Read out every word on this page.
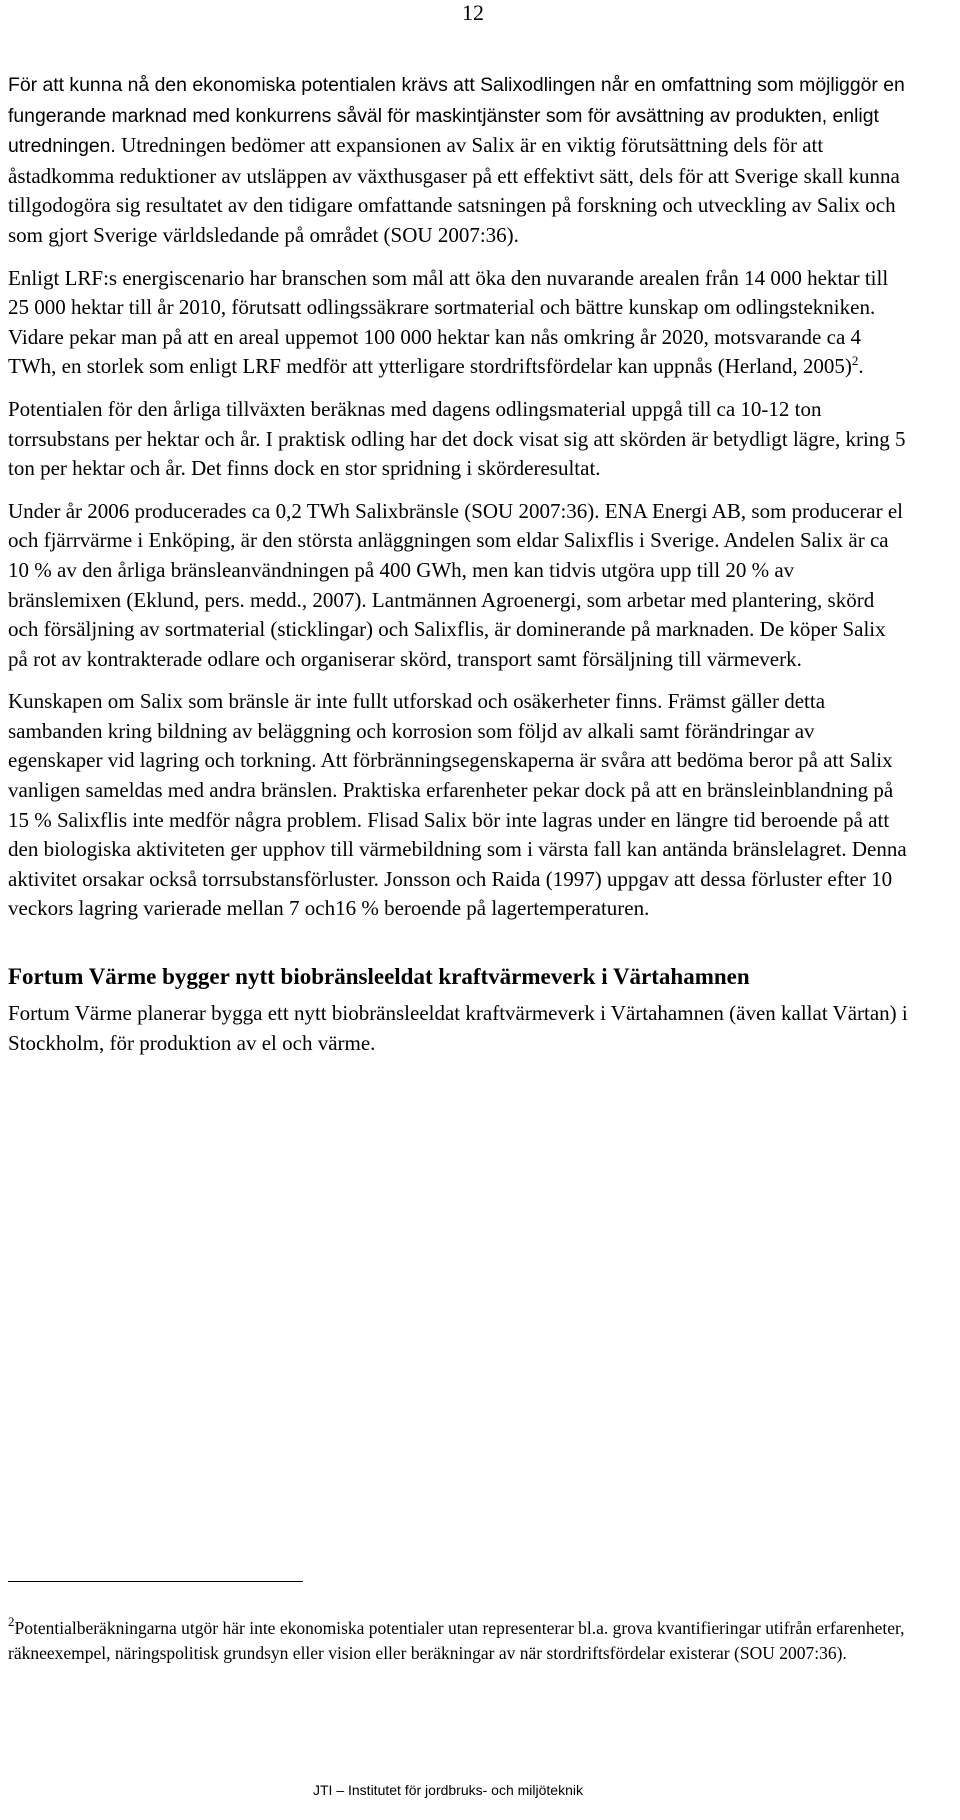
12

För att kunna nå den ekonomiska potentialen krävs att Salixodlingen når en omfattning som möjliggör en fungerande marknad med konkurrens såväl för maskintjänster som för avsättning av produkten, enligt utredningen. Utredningen bedömer att expansionen av Salix är en viktig förutsättning dels för att åstadkomma reduktioner av utsläppen av växthusgaser på ett effektivt sätt, dels för att Sverige skall kunna tillgodogöra sig resultatet av den tidigare omfattande satsningen på forskning och utveckling av Salix och som gjort Sverige världsledande på området (SOU 2007:36).

Enligt LRF:s energiscenario har branschen som mål att öka den nuvarande arealen från 14 000 hektar till 25 000 hektar till år 2010, förutsatt odlingssäkrare sortmaterial och bättre kunskap om odlingstekniken. Vidare pekar man på att en areal uppemot 100 000 hektar kan nås omkring år 2020, motsvarande ca 4 TWh, en storlek som enligt LRF medför att ytterligare stordriftsfördelar kan uppnås (Herland, 2005)$^2$.

Potentialen för den årliga tillväxten beräknas med dagens odlingsmaterial uppgå till ca 10-12 ton torrsubstans per hektar och år. I praktisk odling har det dock visat sig att skörden är betydligt lägre, kring 5 ton per hektar och år. Det finns dock en stor spridning i skörderesultat.

Under år 2006 producerades ca 0,2 TWh Salixbränsle (SOU 2007:36). ENA Energi AB, som producerar el och fjärrvärme i Enköping, är den största anläggningen som eldar Salixflis i Sverige. Andelen Salix är ca 10 % av den årliga bränsleanvändningen på 400 GWh, men kan tidvis utgöra upp till 20 % av bränslemixen (Eklund, pers. medd., 2007). Lantmännen Agroenergi, som arbetar med plantering, skörd och försäljning av sortmaterial (sticklingar) och Salixflis, är dominerande på marknaden. De köper Salix på rot av kontrakterade odlare och organiserar skörd, transport samt försäljning till värmeverk.

Kunskapen om Salix som bränsle är inte fullt utforskad och osäkerheter finns. Främst gäller detta sambanden kring bildning av beläggning och korrosion som följd av alkali samt förändringar av egenskaper vid lagring och torkning. Att förbränningsegenskaperna är svåra att bedöma beror på att Salix vanligen sameldas med andra bränslen. Praktiska erfarenheter pekar dock på att en bränsleinblandning på 15 % Salixflis inte medför några problem. Flisad Salix bör inte lagras under en längre tid beroende på att den biologiska aktiviteten ger upphov till värmebildning som i värsta fall kan antända bränslelagret. Denna aktivitet orsakar också torrsubstansförluster. Jonsson och Raida (1997) uppgav att dessa förluster efter 10 veckors lagring varierade mellan 7 och16 % beroende på lagertemperaturen.

Fortum Värme bygger nytt biobränsleeldat kraftvärmeverk i Värtahamnen

Fortum Värme planerar bygga ett nytt biobränsleeldat kraftvärmeverk i Värtahamnen (även kallat Värtan) i Stockholm, för produktion av el och värme.

$^2$Potentialberäkningarna utgör här inte ekonomiska potentialer utan representerar bl.a. grova kvantifieringar utifrån erfarenheter, räkneexempel, näringspolitisk grundsyn eller vision eller beräkningar av när stordriftsfördelar existerar (SOU 2007:36).
JTI – Institutet för jordbruks- och miljöteknik
